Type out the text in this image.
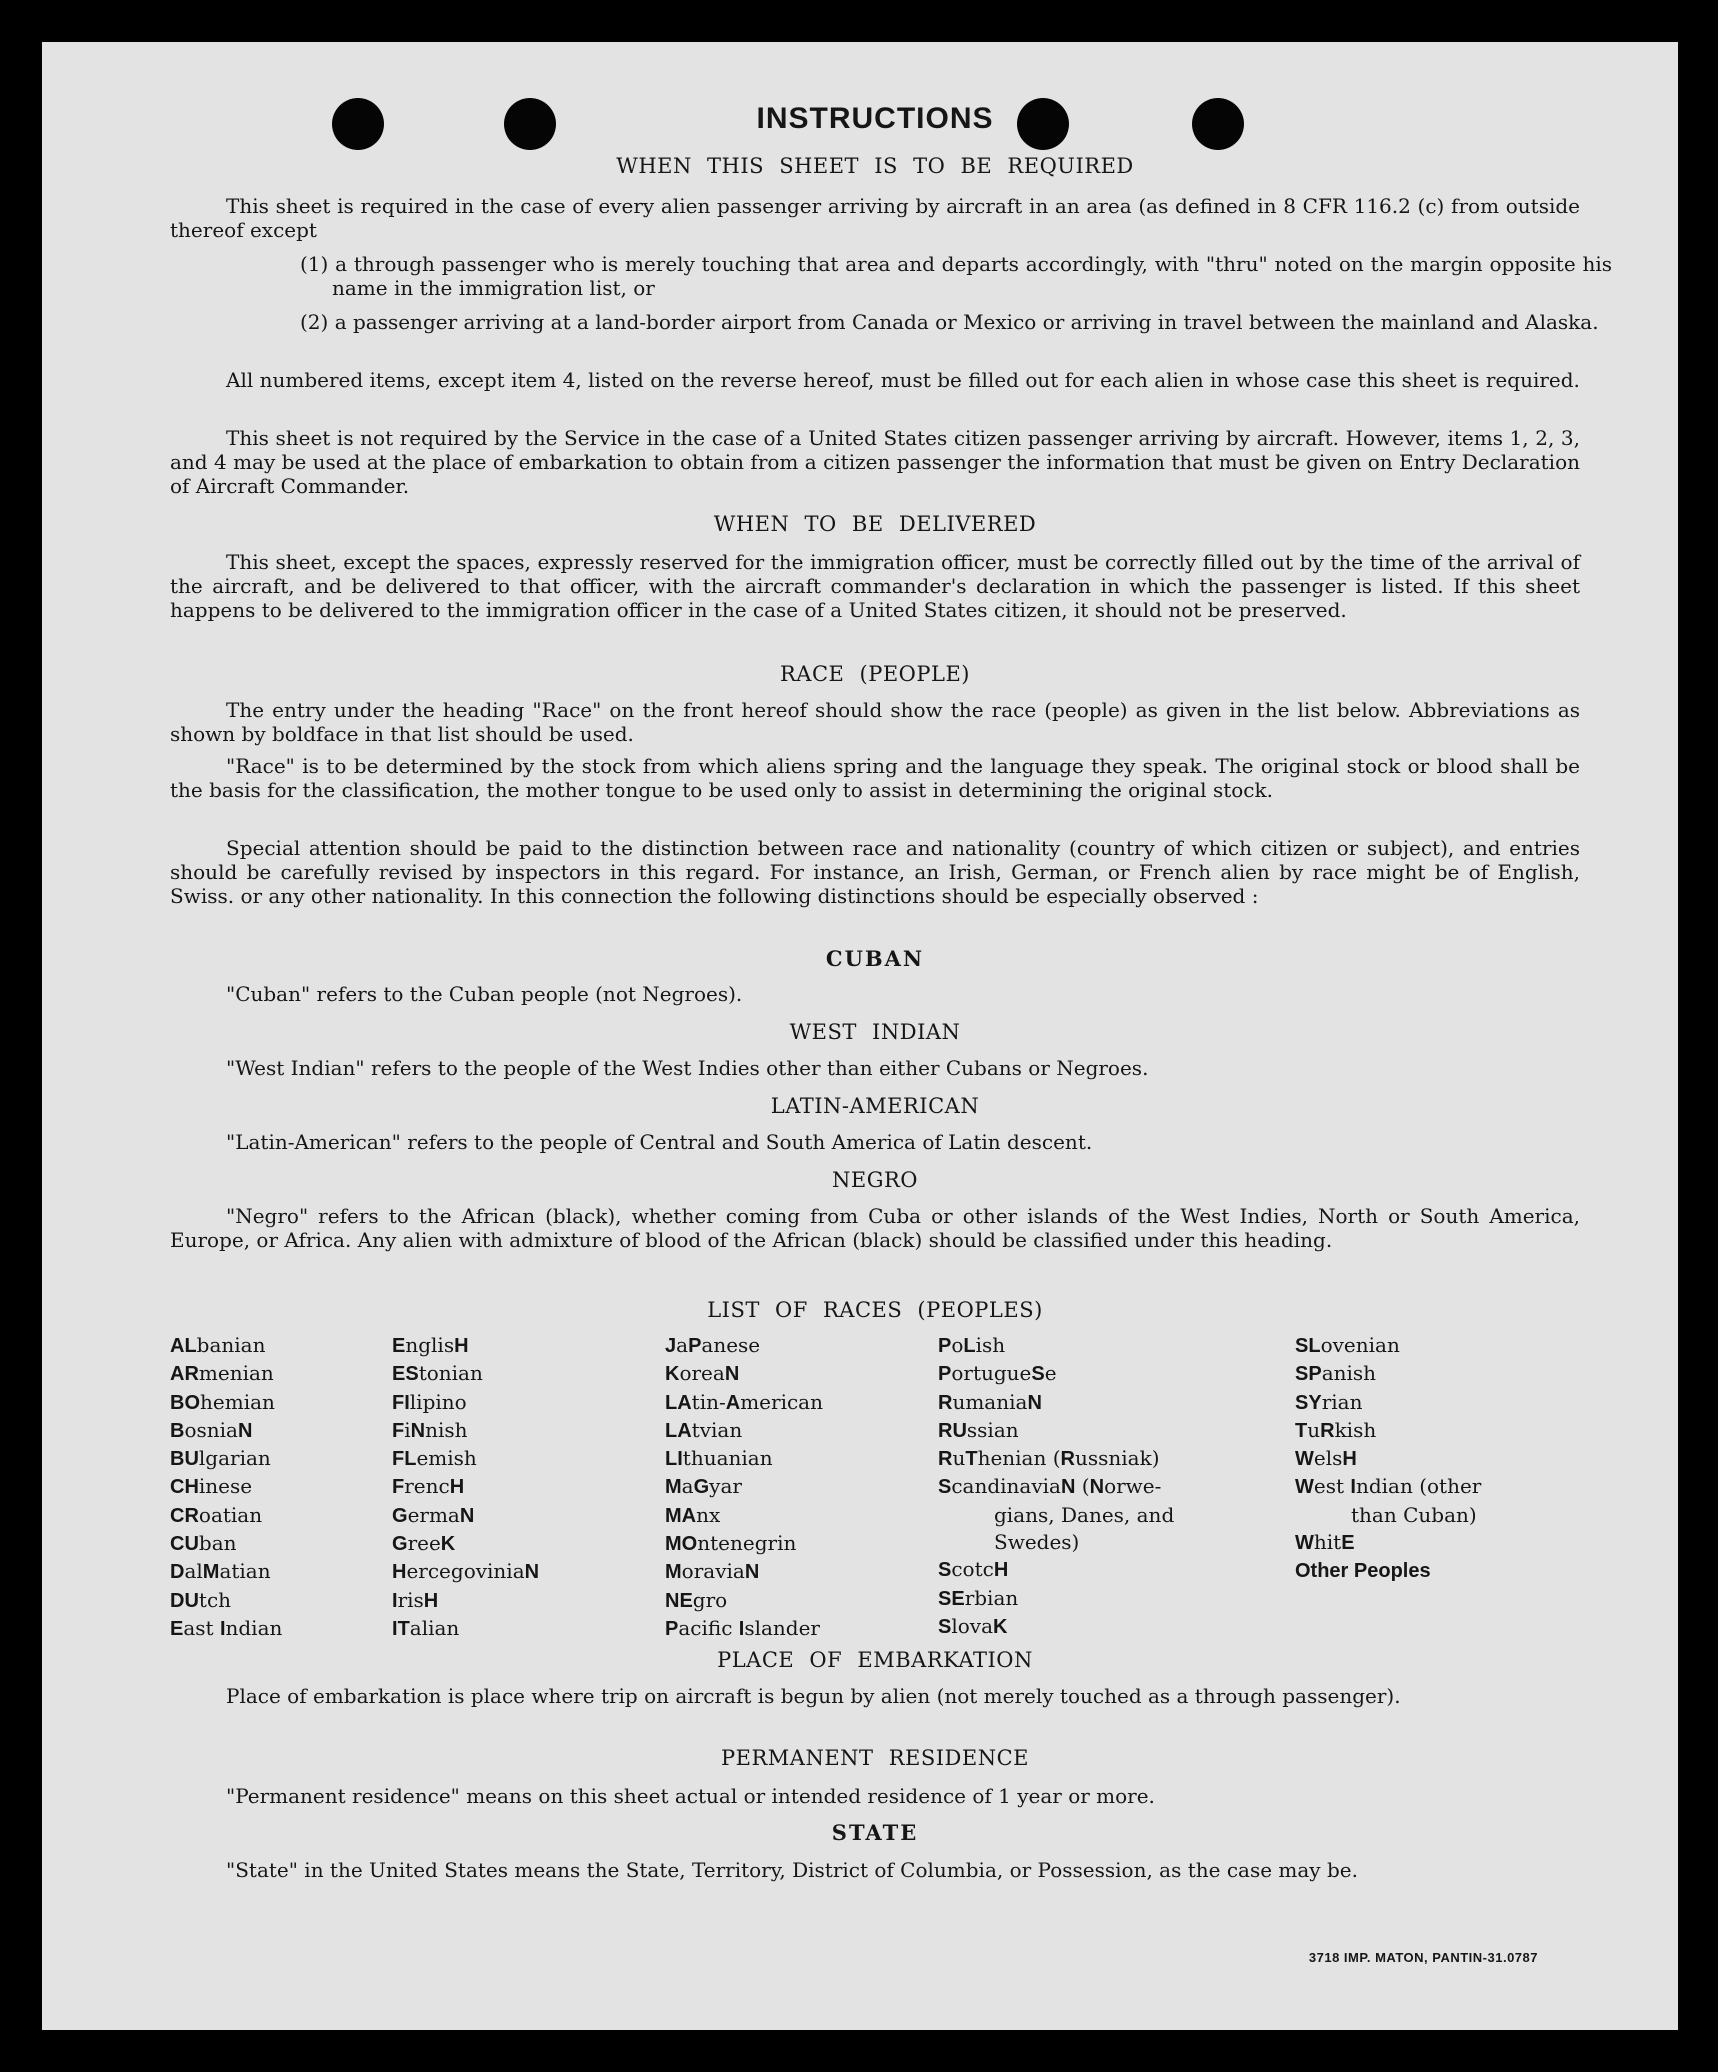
INSTRUCTIONS
WHEN THIS SHEET IS TO BE REQUIRED
This sheet is required in the case of every alien passenger arriving by aircraft in an area (as defined in 8 CFR 116.2 (c) from outside thereof except
(1) a through passenger who is merely touching that area and departs accordingly, with "thru" noted on the margin opposite his name in the immigration list, or
(2) a passenger arriving at a land-border airport from Canada or Mexico or arriving in travel between the mainland and Alaska.
All numbered items, except item 4, listed on the reverse hereof, must be filled out for each alien in whose case this sheet is required.
This sheet is not required by the Service in the case of a United States citizen passenger arriving by aircraft. However, items 1, 2, 3, and 4 may be used at the place of embarkation to obtain from a citizen passenger the information that must be given on Entry Declaration of Aircraft Commander.
WHEN TO BE DELIVERED
This sheet, except the spaces, expressly reserved for the immigration officer, must be correctly filled out by the time of the arrival of the aircraft, and be delivered to that officer, with the aircraft commander's declaration in which the passenger is listed. If this sheet happens to be delivered to the immigration officer in the case of a United States citizen, it should not be preserved.
RACE (PEOPLE)
The entry under the heading "Race" on the front hereof should show the race (people) as given in the list below. Abbreviations as shown by boldface in that list should be used.
"Race" is to be determined by the stock from which aliens spring and the language they speak. The original stock or blood shall be the basis for the classification, the mother tongue to be used only to assist in determining the original stock.
Special attention should be paid to the distinction between race and nationality (country of which citizen or subject), and entries should be carefully revised by inspectors in this regard. For instance, an Irish, German, or French alien by race might be of English, Swiss. or any other nationality. In this connection the following distinctions should be especially observed :
CUBAN
"Cuban" refers to the Cuban people (not Negroes).
WEST INDIAN
"West Indian" refers to the people of the West Indies other than either Cubans or Negroes.
LATIN-AMERICAN
"Latin-American" refers to the people of Central and South America of Latin descent.
NEGRO
"Negro" refers to the African (black), whether coming from Cuba or other islands of the West Indies, North or South America, Europe, or Africa. Any alien with admixture of blood of the African (black) should be classified under this heading.
LIST OF RACES (PEOPLES)
ALbanian
ARmenian
BOhemian
BosniaN
BUlgarian
CHinese
CRoatian
CUban
DalMatian
DUtch
East Indian
EnglisH
EStonian
FIlipino
FiNnish
FLemish
FrencH
GermaN
GreeK
HercegoviniaN
IrisH
ITalian
JaPanese
KoreaN
LAtin-American
LAtvian
LIthuanian
MaGyar
MAnx
MOntenegrin
MoraviaN
NEgro
Pacific Islander
PoLish
PortugueSe
RumaniaN
RUssian
RuThenian (Russniak)
ScandinaviaN (Norwe-
gians, Danes, and
Swedes)
ScotcH
SErbian
SlovaK
SLovenian
SPanish
SYrian
TuRkish
WelsH
West Indian (other
than Cuban)
WhitE
Other Peoples
PLACE OF EMBARKATION
Place of embarkation is place where trip on aircraft is begun by alien (not merely touched as a through passenger).
PERMANENT RESIDENCE
"Permanent residence" means on this sheet actual or intended residence of 1 year or more.
STATE
"State" in the United States means the State, Territory, District of Columbia, or Possession, as the case may be.
3718 IMP. MATON, PANTIN-31.0787
